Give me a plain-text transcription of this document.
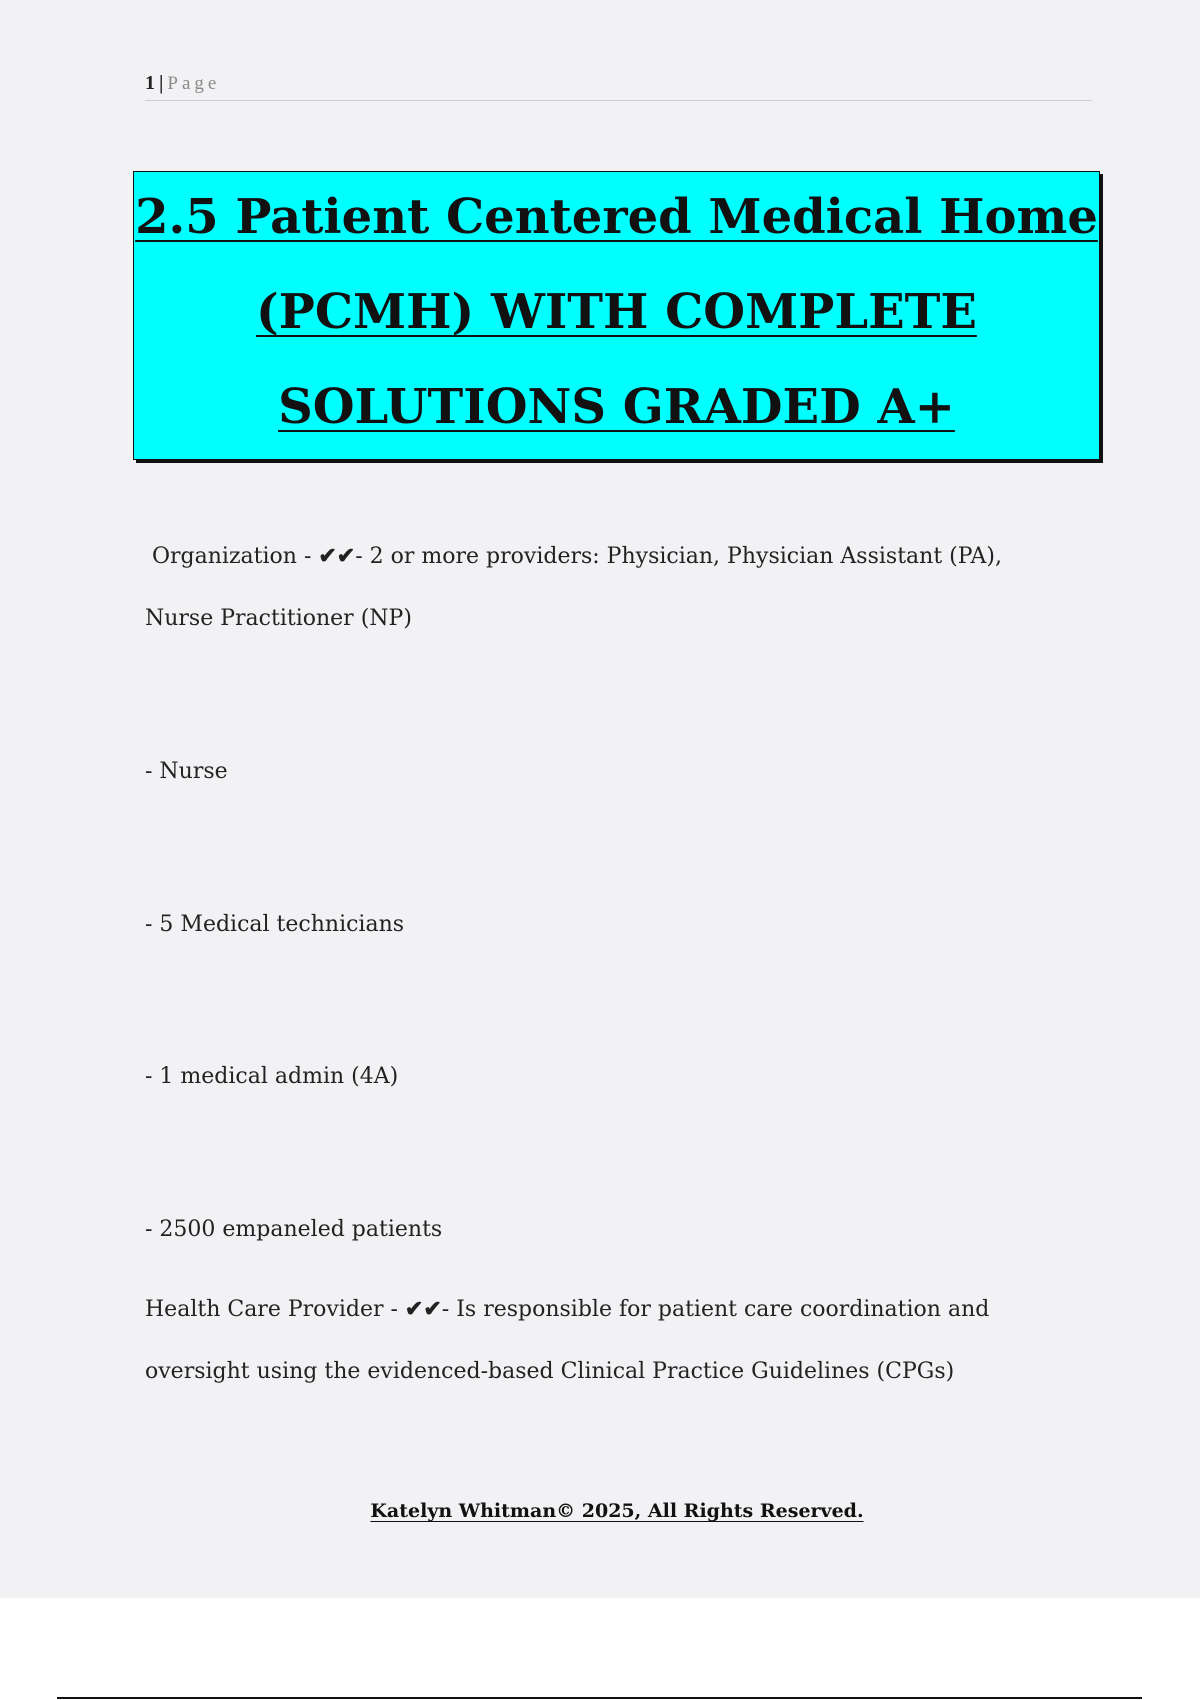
1 | Page
2.5 Patient Centered Medical Home
(PCMH) WITH COMPLETE
SOLUTIONS GRADED A+

Organization - ✔✔- 2 or more providers: Physician, Physician Assistant (PA), Nurse Practitioner (NP)

- Nurse

- 5 Medical technicians

- 1 medical admin (4A)

- 2500 empaneled patients

Health Care Provider - ✔✔- Is responsible for patient care coordination and oversight using the evidenced-based Clinical Practice Guidelines (CPGs)

Katelyn Whitman© 2025, All Rights Reserved.
